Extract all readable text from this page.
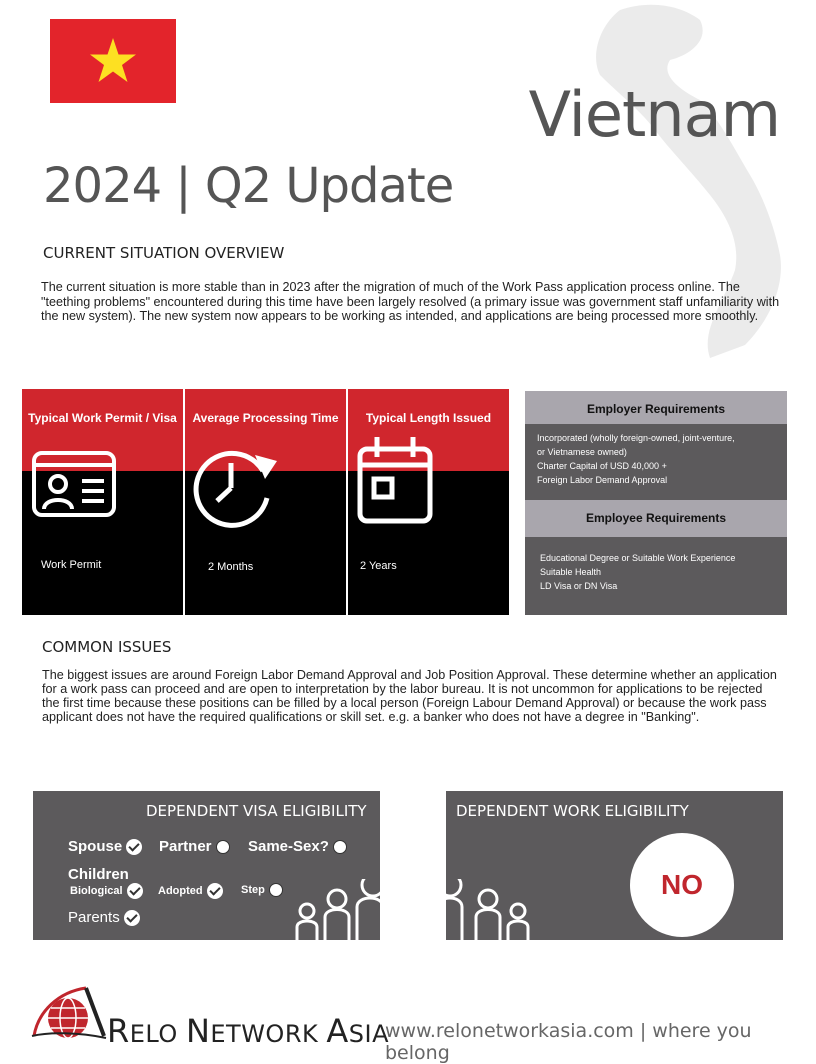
Vietnam
2024 | Q2 Update
CURRENT SITUATION OVERVIEW
The current situation is more stable than in 2023 after the migration of much of the Work Pass application process online. The "teething problems" encountered during this time have been largely resolved (a primary issue was government staff unfamiliarity with the new system). The new system now appears to be working as intended, and applications are being processed more smoothly.
Typical Work Permit / Visa
Work Permit
Average Processing Time
2 Months
Typical Length Issued
2 Years
Employer Requirements
Incorporated (wholly foreign-owned, joint-venture,
or Vietnamese owned)
Charter Capital of USD 40,000 +
Foreign Labor Demand Approval
Employee Requirements
Educational Degree or Suitable Work Experience
Suitable Health
LD Visa or DN Visa
COMMON ISSUES
The biggest issues are around Foreign Labor Demand Approval and Job Position Approval. These determine whether an application for a work pass can proceed and are open to interpretation by the labor bureau. It is not uncommon for applications to be rejected the first time because these positions can be filled by a local person (Foreign Labour Demand Approval) or because the work pass applicant does not have the required qualifications or skill set. e.g. a banker who does not have a degree in "Banking".
DEPENDENT VISA ELIGIBILITY
Spouse Partner Same-Sex?
Children
Biological	Adopted	Step
Parents
DEPENDENT WORK ELIGIBILITY
NO
RELO NETWORK ASIA
www.relonetworkasia.com | where you belong
